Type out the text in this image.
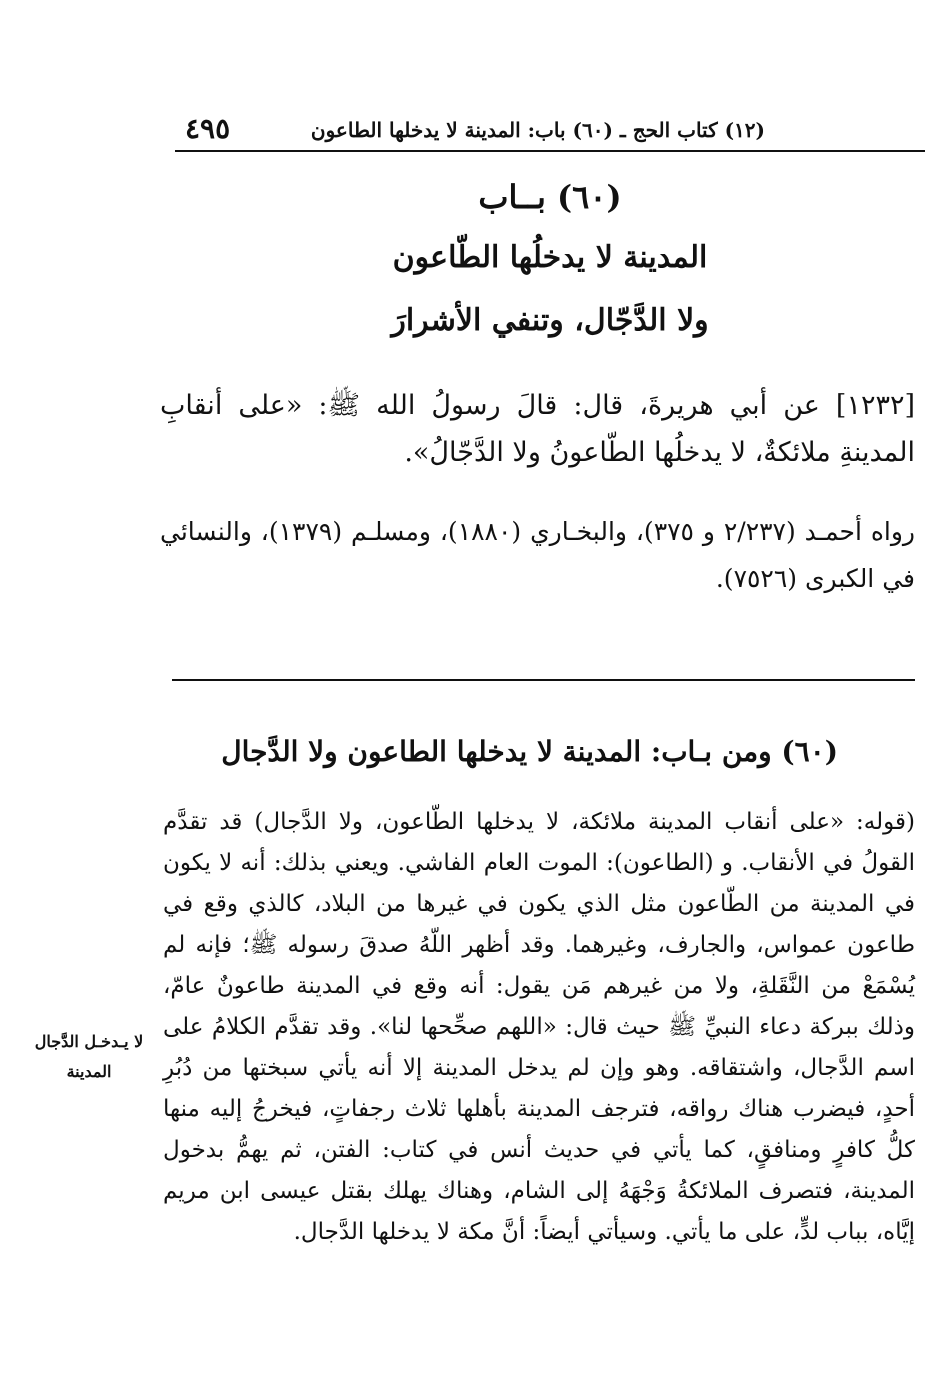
(١٢) كتاب الحج ـ (٦٠) باب: المدينة لا يدخلها الطاعون
٤٩٥
(٦٠) بــاب
المدينة لا يدخلُها الطّاعون
ولا الدَّجّال، وتنفي الأشرارَ
[١٢٣٢] عن أبي هريرةَ، قال: قالَ رسولُ الله ﷺ: «على أنقابِ المدينةِ ملائكةٌ، لا يدخلُها الطّاعونُ ولا الدَّجّالُ».
رواه أحمـد (٢/٢٣٧ و ٣٧٥)، والبخـاري (١٨٨٠)، ومسلـم (١٣٧٩)، والنسائي في الكبرى (٧٥٢٦).
(٦٠) ومن بـاب: المدينة لا يدخلها الطاعون ولا الدَّجال
(قوله: «على أنقاب المدينة ملائكة، لا يدخلها الطّاعون، ولا الدَّجال) قد تقدَّم القولُ في الأنقاب. و (الطاعون): الموت العام الفاشي. ويعني بذلك: أنه لا يكون في المدينة من الطّاعون مثل الذي يكون في غيرها من البلاد، كالذي وقع في طاعون عمواس، والجارف، وغيرهما. وقد أظهر اللّهُ صدقَ رسوله ﷺ؛ فإنه لم يُسْمَعْ من النَّقَلةِ، ولا من غيرهم مَن يقول: أنه وقع في المدينة طاعونٌ عامّ، وذلك ببركة دعاء النبيِّ ﷺ حيث قال: «اللهم صحِّحها لنا». وقد تقدَّم الكلامُ على اسم الدَّجال، واشتقاقه. وهو وإن لم يدخل المدينة إلا أنه يأتي سبختها من دُبُرِ أحدٍ، فيضرب هناك رواقه، فترجف المدينة بأهلها ثلاث رجفاتٍ، فيخرجُ إليه منها كلُّ كافرٍ ومنافقٍ، كما يأتي في حديث أنس في كتاب: الفتن، ثم يهمُّ بدخول المدينة، فتصرف الملائكةُ وَجْهَهُ إلى الشام، وهناك يهلك بقتل عيسى ابن مريم إيَّاه، بباب لدٍّ، على ما يأتي. وسيأتي أيضاً: أنَّ مكة لا يدخلها الدَّجال.
لا يـدخـل الدَّجال المدينة
